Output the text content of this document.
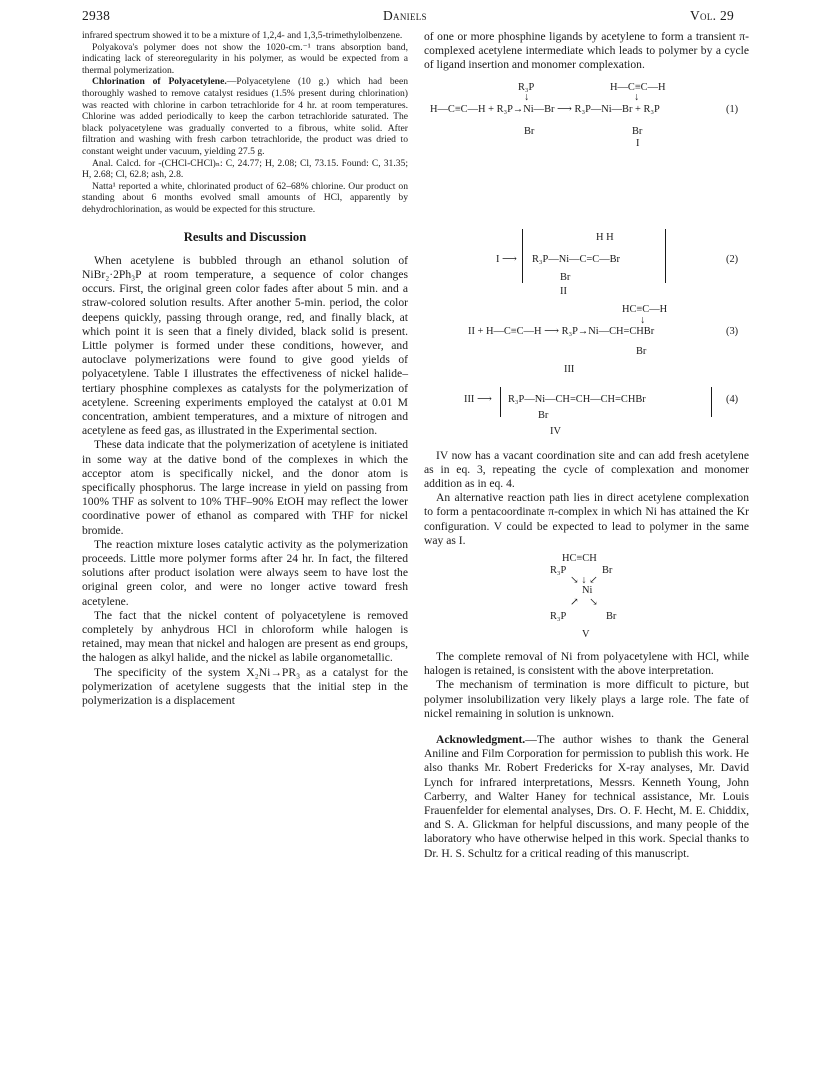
2938	Daniels	Vol. 29

infrared spectrum showed it to be a mixture of 1,2,4- and 1,3,5-trimethylolbenzene.

Polyakova's polymer does not show the 1020-cm.⁻¹ trans absorption band, indicating lack of stereoregularity in his polymer, as would be expected from a thermal polymerization.

Chlorination of Polyacetylene.—Polyacetylene (10 g.) which had been thoroughly washed to remove catalyst residues (1.5% present during chlorination) was reacted with chlorine in carbon tetrachloride for 4 hr. at room temperatures. Chlorine was added periodically to keep the carbon tetrachloride saturated. The black polyacetylene was gradually converted to a fibrous, white solid. After filtration and washing with fresh carbon tetrachloride, the product was dried to constant weight under vacuum, yielding 27.5 g.

Anal. Calcd. for ‑(CHCl‑CHCl)ₙ: C, 24.77; H, 2.08; Cl, 73.15. Found: C, 31.35; H, 2.68; Cl, 62.8; ash, 2.8.

Natta¹ reported a white, chlorinated product of 62–68% chlorine. Our product on standing about 6 months evolved small amounts of HCl, apparently by dehydrochlorination, as would be expected for this structure.

Results and Discussion

When acetylene is bubbled through an ethanol solution of NiBr₂·2Ph₃P at room temperature, a sequence of color changes occurs. First, the original green color fades after about 5 min. and a straw-colored solution results. After another 5-min. period, the color deepens quickly, passing through orange, red, and finally black, at which point it is seen that a finely divided, black solid is present. Little polymer is formed under these conditions, however, and autoclave polymerizations were found to give good yields of polyacetylene. Table I illustrates the effectiveness of nickel halide–tertiary phosphine complexes as catalysts for the polymerization of acetylene. Screening experiments employed the catalyst at 0.01 M concentration, ambient temperatures, and a mixture of nitrogen and acetylene as feed gas, as illustrated in the Experimental section.

These data indicate that the polymerization of acetylene is initiated in some way at the dative bond of the complexes in which the acceptor atom is specifically nickel, and the donor atom is specifically phosphorus. The large increase in yield on passing from 100% THF as solvent to 10% THF–90% EtOH may reflect the lower coordinative power of ethanol as compared with THF for nickel bromide.

The reaction mixture loses catalytic activity as the polymerization proceeds. Little more polymer forms after 24 hr. In fact, the filtered solutions after product isolation were always seem to have lost the original green color, and were no longer active toward fresh acetylene.

The fact that the nickel content of polyacetylene is removed completely by anhydrous HCl in chloroform while halogen is retained, may mean that nickel and halogen are present as end groups, the halogen as alkyl halide, and the nickel as labile organometallic.

The specificity of the system X₂Ni→PR₃ as a catalyst for the polymerization of acetylene suggests that the initial step in the polymerization is a displacement

of one or more phosphine ligands by acetylene to form a transient π-complexed acetylene intermediate which leads to polymer by a cycle of ligand insertion and monomer complexation.

R₃P
↓
H—C≡C—H
↓
H—C≡C—H + R₃P→Ni—Br ⟶ R₃P—Ni—Br + R₃P	(1)
Br	Br
I
I ⟶
H H
R₃P—Ni—C=C—Br
Br
II
(2)
HC≡C—H
↓
II + H—C≡C—H ⟶ R₃P→Ni—CH=CHBr
Br
(3)
III
III ⟶ R₃P—Ni—CH=CH—CH=CHBr
Br
(4)
IV

IV now has a vacant coordination site and can add fresh acetylene as in eq. 3, repeating the cycle of complexation and monomer addition as in eq. 4.

An alternative reaction path lies in direct acetylene complexation to form a pentacoordinate π-complex in which Ni has attained the Kr configuration. V could be expected to lead to polymer in the same way as I.

HC≡CH
R₃P	Br
↘ ↓ ↙
Ni
↗    ↘
R₃P	Br
V

The complete removal of Ni from polyacetylene with HCl, while halogen is retained, is consistent with the above interpretation.

The mechanism of termination is more difficult to picture, but polymer insolubilization very likely plays a large role. The fate of nickel remaining in solution is unknown.

Acknowledgment.—The author wishes to thank the General Aniline and Film Corporation for permission to publish this work. He also thanks Mr. Robert Fredericks for X-ray analyses, Mr. David Lynch for infrared interpretations, Messrs. Kenneth Young, John Carberry, and Walter Haney for technical assistance, Mr. Louis Frauenfelder for elemental analyses, Drs. O. F. Hecht, M. E. Chiddix, and S. A. Glickman for helpful discussions, and many people of the laboratory who have otherwise helped in this work. Special thanks to Dr. H. S. Schultz for a critical reading of this manuscript.
